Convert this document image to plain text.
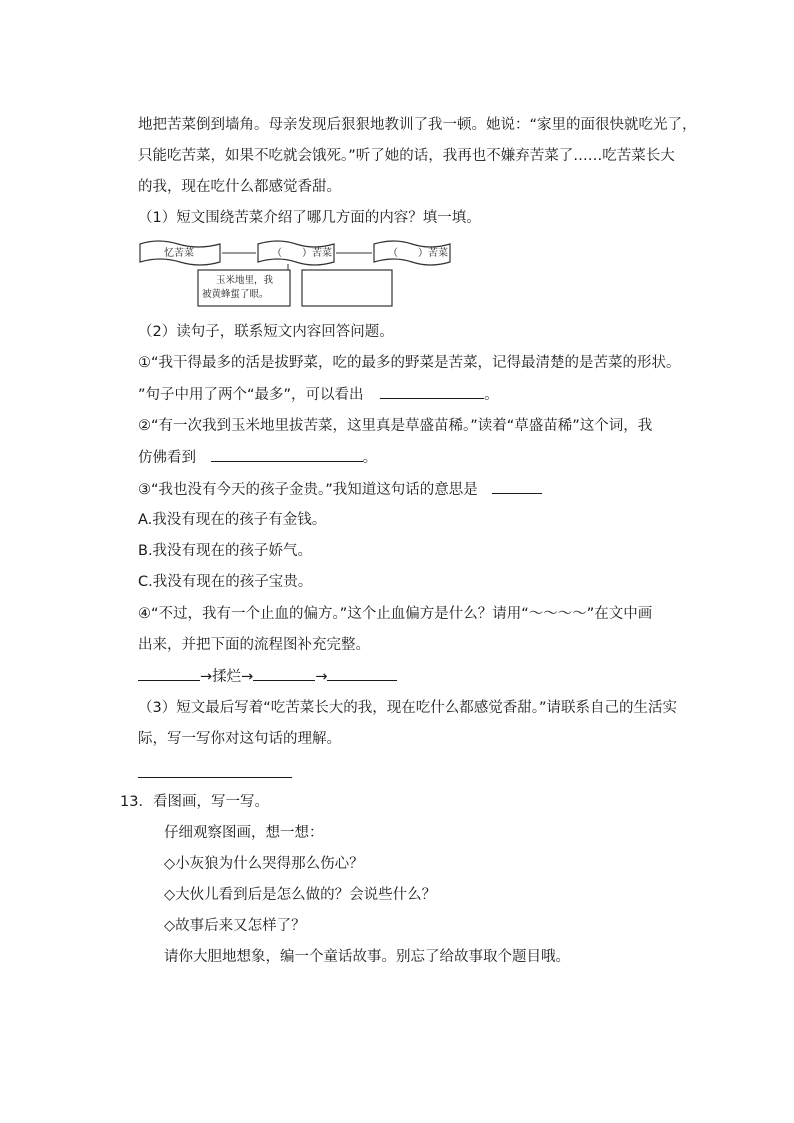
地把苦菜倒到墙角。母亲发现后狠狠地教训了我一顿。她说：“家里的面很快就吃光了，
只能吃苦菜，如果不吃就会饿死。”听了她的话，我再也不嫌弃苦菜了……吃苦菜长大
的我，现在吃什么都感觉香甜。
（1）短文围绕苦菜介绍了哪几方面的内容？填一填。
忆苦菜	（　　）苦菜	（　　）苦菜
玉米地里，我
被黄蜂蜇了眼。
（2）读句子，联系短文内容回答问题。
①“我干得最多的活是拔野菜，吃的最多的野菜是苦菜，记得最清楚的是苦菜的形状。
”句子中用了两个“最多”，可以看出	。
②“有一次我到玉米地里拔苦菜，这里真是草盛苗稀。”读着“草盛苗稀”这个词，我
仿佛看到	。
③“我也没有今天的孩子金贵。”我知道这句话的意思是
A.我没有现在的孩子有金钱。
B.我没有现在的孩子娇气。
C.我没有现在的孩子宝贵。
④“不过，我有一个止血的偏方。”这个止血偏方是什么？请用“～～～～”在文中画
出来，并把下面的流程图补充完整。
→揉烂→	→
（3）短文最后写着“吃苦菜长大的我，现在吃什么都感觉香甜。”请联系自己的生活实
际，写一写你对这句话的理解。
13．看图画，写一写。
仔细观察图画，想一想：
◇小灰狼为什么哭得那么伤心？
◇大伙儿看到后是怎么做的？会说些什么？
◇故事后来又怎样了？
请你大胆地想象，编一个童话故事。别忘了给故事取个题目哦。
